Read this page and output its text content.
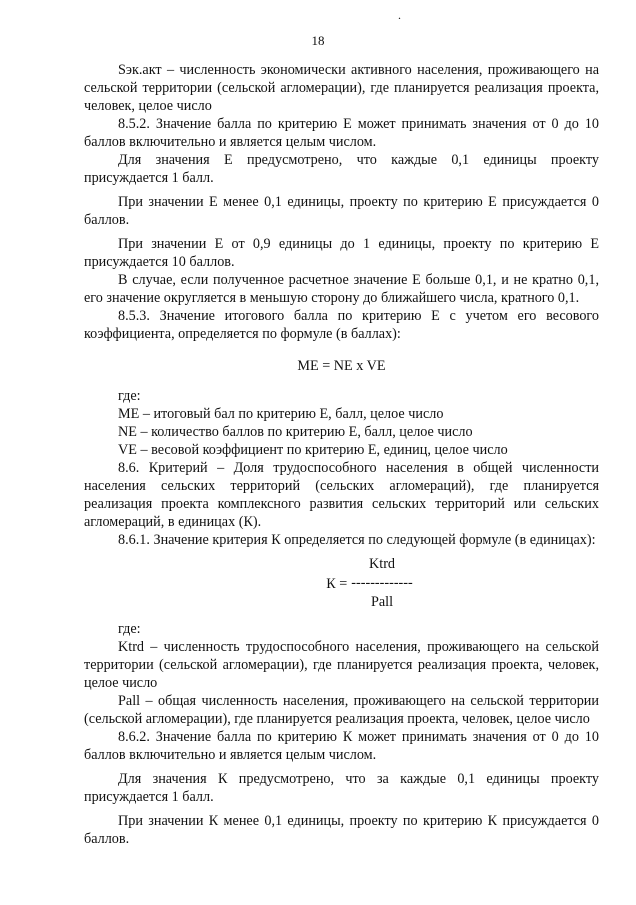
.
18

Sэк.акт – численность экономически активного населения, проживающего на сельской территории (сельской агломерации), где планируется реализация проекта, человек, целое число

8.5.2. Значение балла по критерию Е может принимать значения от 0 до 10 баллов включительно и является целым числом.

Для значения Е предусмотрено, что каждые 0,1 единицы проекту присуждается 1 балл.

При значении Е менее 0,1 единицы, проекту по критерию Е присуждается 0 баллов.

При значении Е от 0,9 единицы до 1 единицы, проекту по критерию Е присуждается 10 баллов.

В случае, если полученное расчетное значение Е больше 0,1, и не кратно 0,1, его значение округляется в меньшую сторону до ближайшего числа, кратного 0,1.

8.5.3. Значение итогового балла по критерию Е с учетом его весового коэффициента, определяется по формуле (в баллах):

МЕ = NЕ x VЕ

где:

МЕ – итоговый бал по критерию Е, балл, целое число

NЕ – количество баллов по критерию Е, балл, целое число

VЕ – весовой коэффициент по критерию Е, единиц, целое число

8.6. Критерий – Доля трудоспособного населения в общей численности населения сельских территорий (сельских агломераций), где планируется реализация проекта комплексного развития сельских территорий или сельских агломераций, в единицах (К).

8.6.1. Значение критерия К определяется по следующей формуле (в единицах):

К =
Ktrd
-------------
Pall

где:

Ktrd – численность трудоспособного населения, проживающего на сельской территории (сельской агломерации), где планируется реализация проекта, человек, целое число

Pall – общая численность населения, проживающего на сельской территории (сельской агломерации), где планируется реализация проекта, человек, целое число

8.6.2. Значение балла по критерию К может принимать значения от 0 до 10 баллов включительно и является целым числом.

Для значения К предусмотрено, что за каждые 0,1 единицы проекту присуждается 1 балл.

При значении К менее 0,1 единицы, проекту по критерию К присуждается 0 баллов.
